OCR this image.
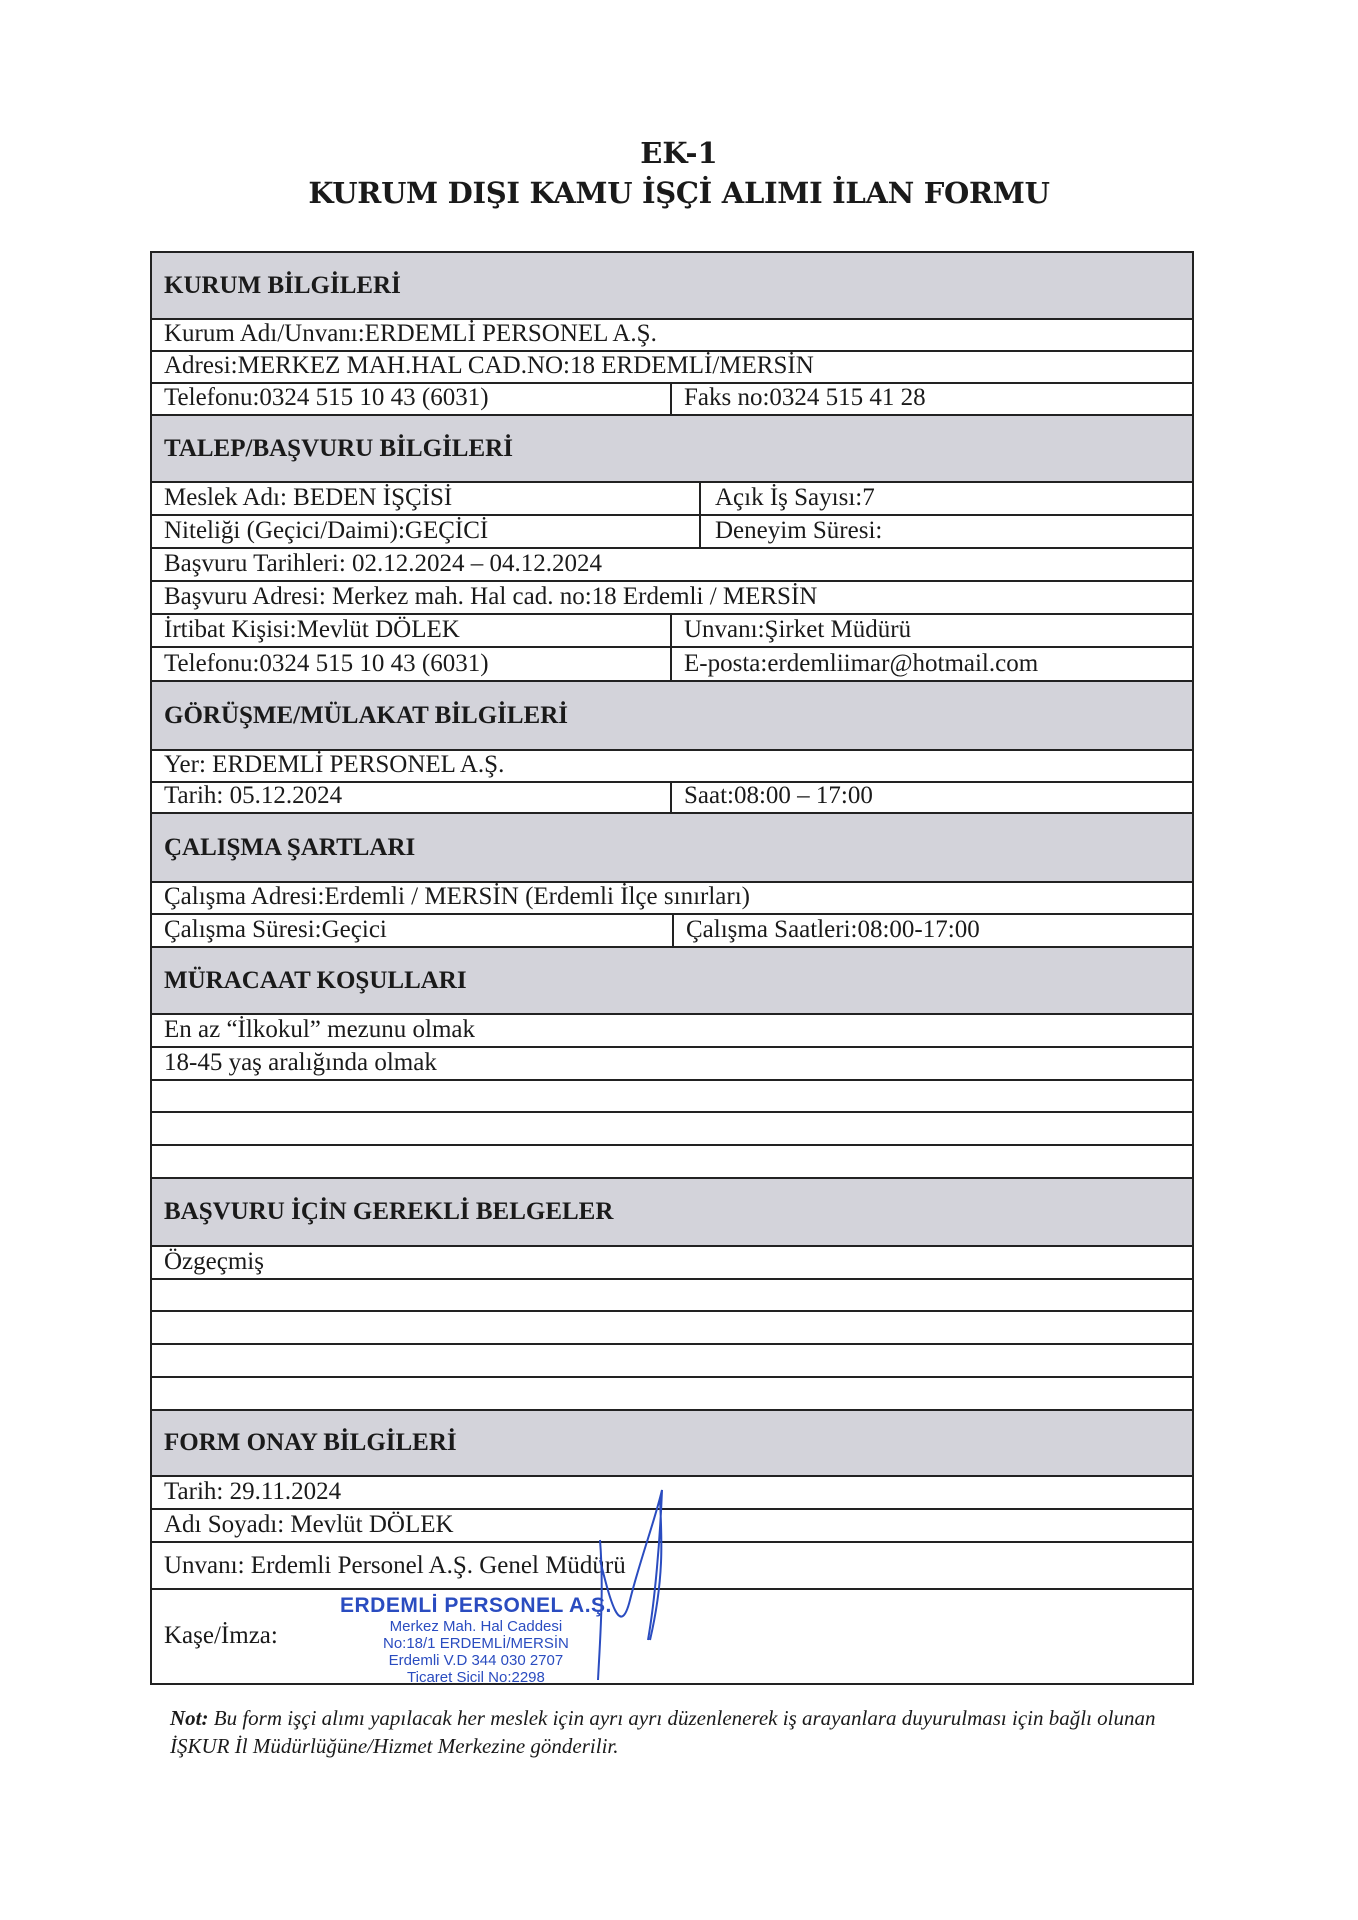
EK-1
KURUM DIŞI KAMU İŞÇİ ALIMI İLAN FORMU
KURUM BİLGİLERİ
Kurum Adı/Unvanı:ERDEMLİ PERSONEL A.Ş.
Adresi:MERKEZ MAH.HAL CAD.NO:18 ERDEMLİ/MERSİN
Telefonu:0324 515 10 43 (6031)	Faks no:0324 515 41 28
TALEP/BAŞVURU BİLGİLERİ
Meslek Adı: BEDEN İŞÇİSİ	Açık İş Sayısı:7
Niteliği (Geçici/Daimi):GEÇİCİ	Deneyim Süresi:
Başvuru Tarihleri: 02.12.2024 – 04.12.2024
Başvuru Adresi: Merkez mah. Hal cad. no:18 Erdemli / MERSİN
İrtibat Kişisi:Mevlüt DÖLEK	Unvanı:Şirket Müdürü
Telefonu:0324 515 10 43 (6031)	E-posta:erdemliimar@hotmail.com
GÖRÜŞME/MÜLAKAT BİLGİLERİ
Yer: ERDEMLİ PERSONEL A.Ş.
Tarih: 05.12.2024	Saat:08:00 – 17:00
ÇALIŞMA ŞARTLARI
Çalışma Adresi:Erdemli / MERSİN (Erdemli İlçe sınırları)
Çalışma Süresi:Geçici	Çalışma Saatleri:08:00-17:00
MÜRACAAT KOŞULLARI
En az “İlkokul” mezunu olmak
18-45 yaş aralığında olmak
BAŞVURU İÇİN GEREKLİ BELGELER
Özgeçmiş
FORM ONAY BİLGİLERİ
Tarih: 29.11.2024
Adı Soyadı: Mevlüt DÖLEK
Unvanı: Erdemli Personel A.Ş. Genel Müdürü
Kaşe/İmza:
ERDEMLİ PERSONEL A.Ş.
Merkez Mah. Hal Caddesi
No:18/1 ERDEMLİ/MERSİN
Erdemli V.D 344 030 2707
Ticaret Sicil No:2298
Not: Bu form işçi alımı yapılacak her meslek için ayrı ayrı düzenlenerek iş arayanlara duyurulması için bağlı olunan İŞKUR İl Müdürlüğüne/Hizmet Merkezine gönderilir.
